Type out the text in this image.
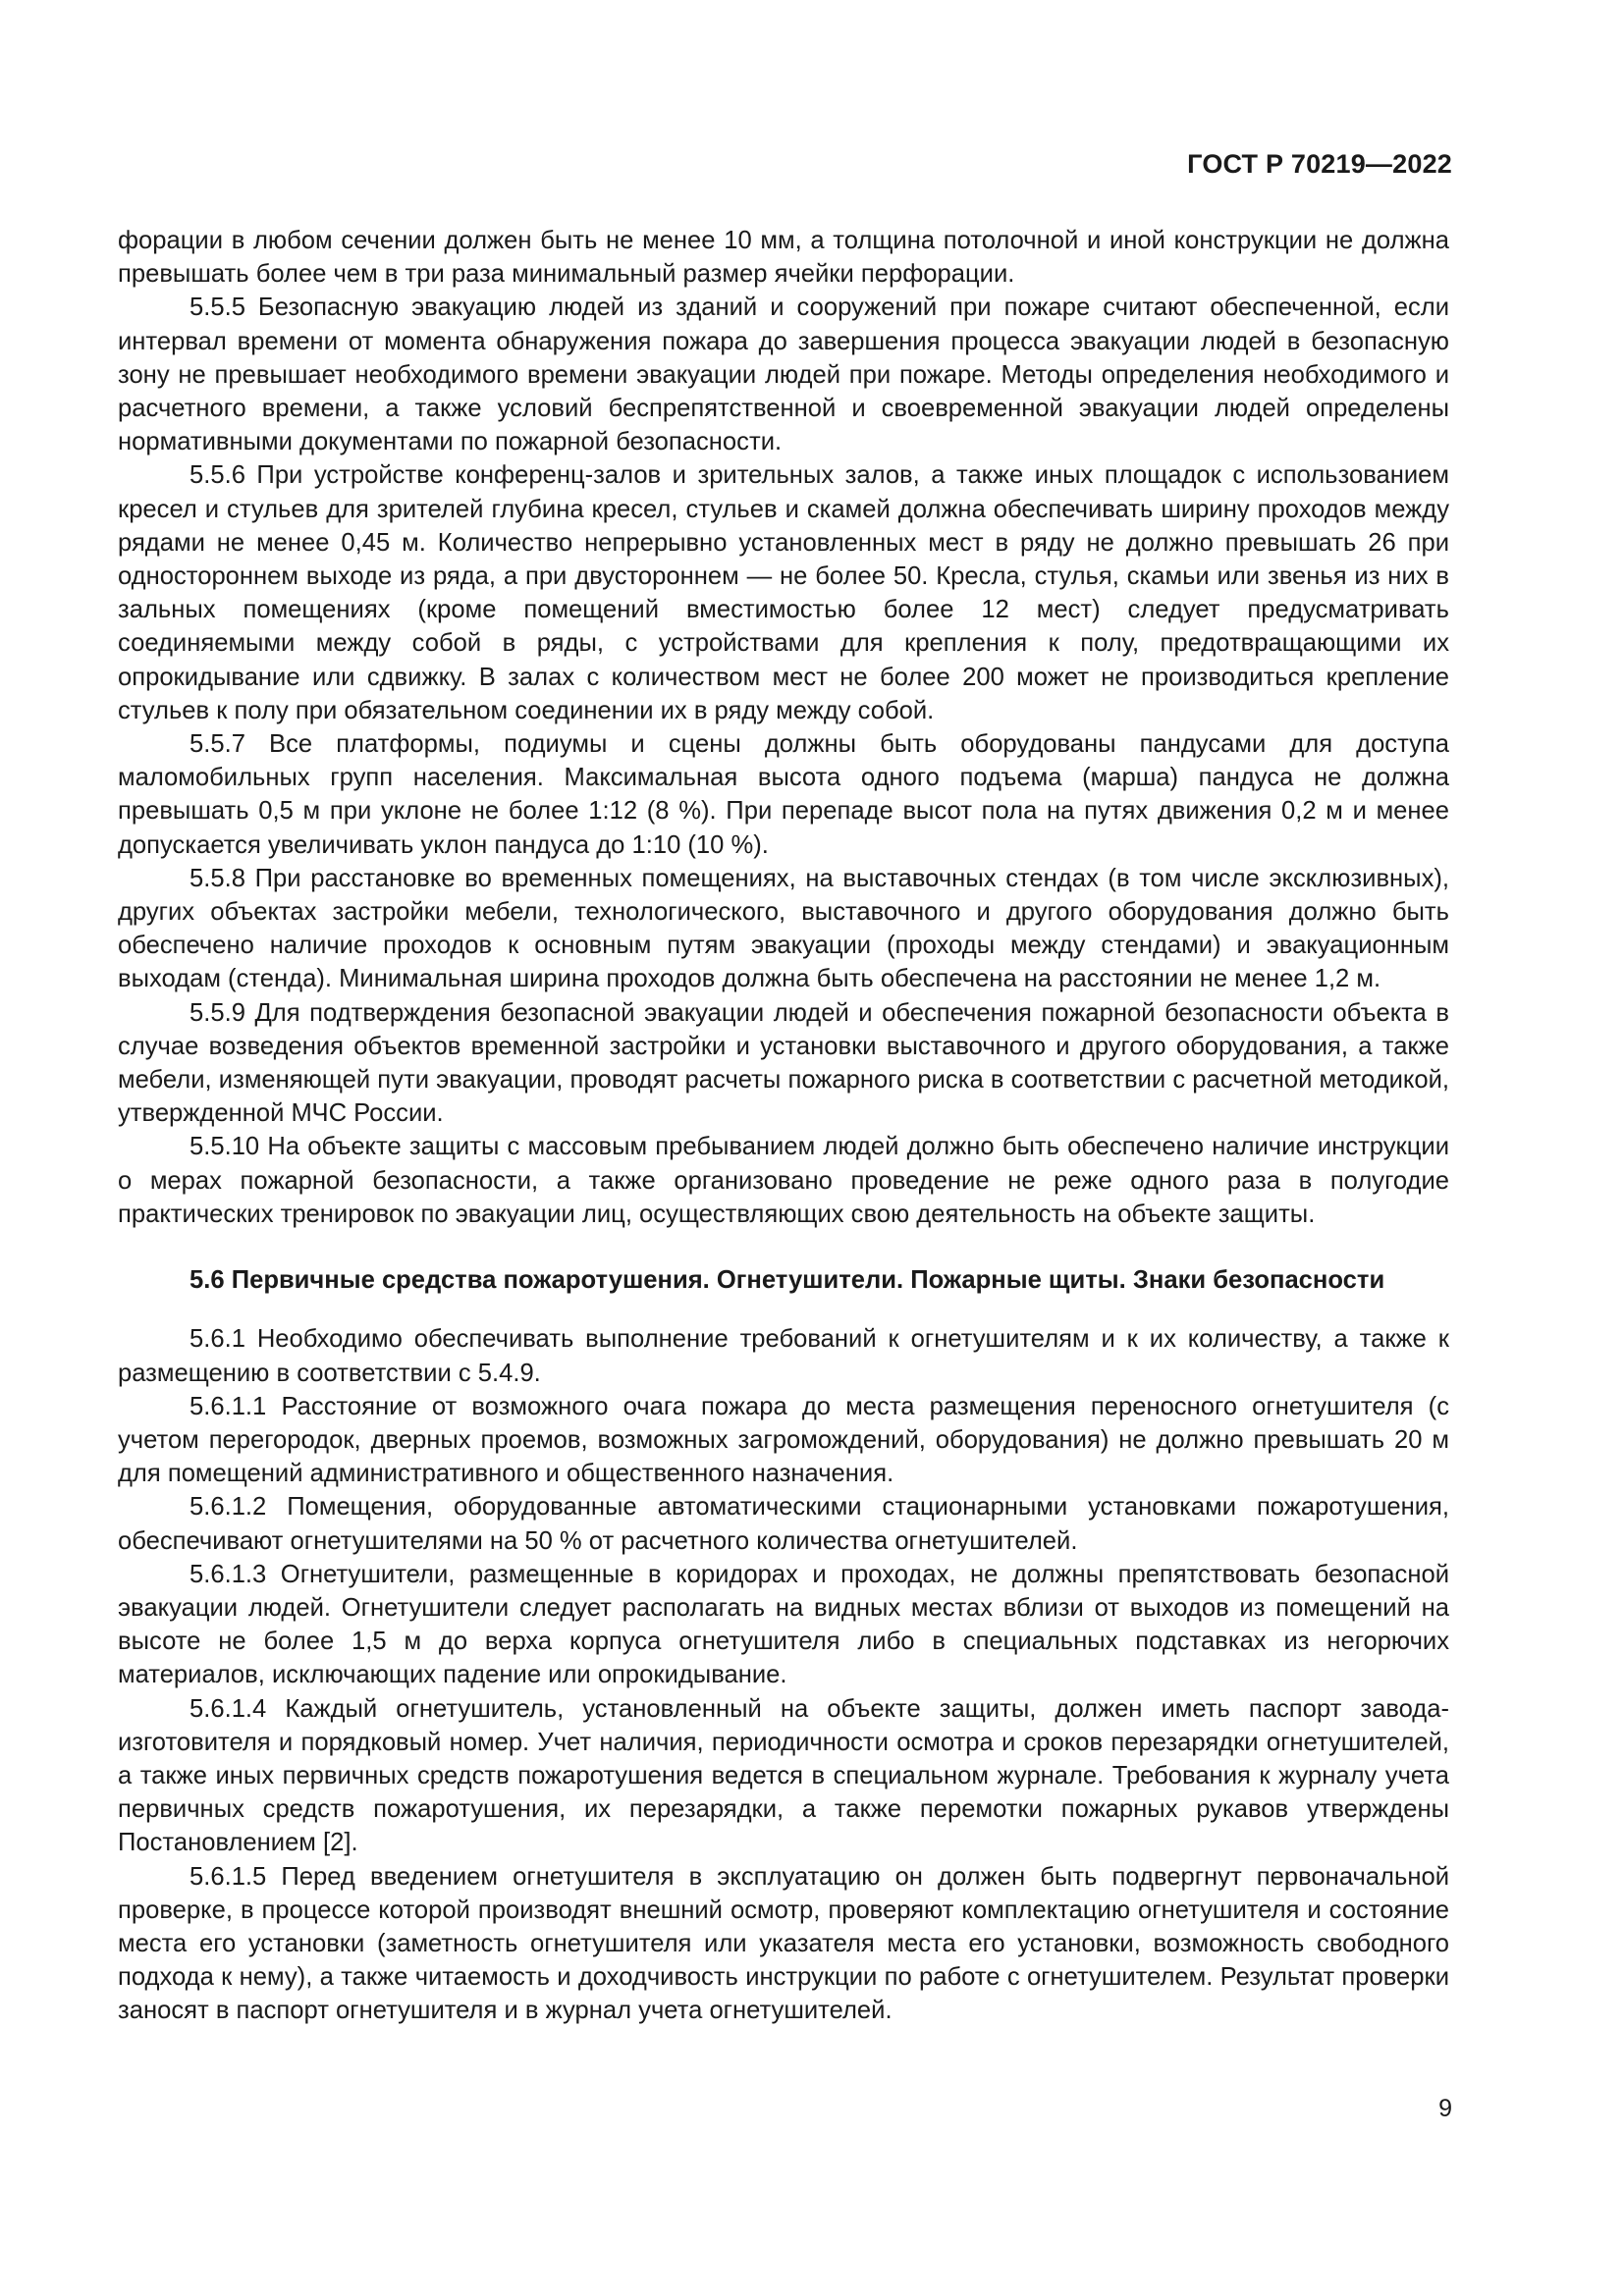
ГОСТ Р 70219—2022

форации в любом сечении должен быть не менее 10 мм, а толщина потолочной и иной конструкции не должна превышать более чем в три раза минимальный размер ячейки перфорации.

5.5.5 Безопасную эвакуацию людей из зданий и сооружений при пожаре считают обеспеченной, если интервал времени от момента обнаружения пожара до завершения процесса эвакуации людей в безопасную зону не превышает необходимого времени эвакуации людей при пожаре. Методы определения необходимого и расчетного времени, а также условий беспрепятственной и своевременной эвакуации людей определены нормативными документами по пожарной безопасности.

5.5.6 При устройстве конференц-залов и зрительных залов, а также иных площадок с использованием кресел и стульев для зрителей глубина кресел, стульев и скамей должна обеспечивать ширину проходов между рядами не менее 0,45 м. Количество непрерывно установленных мест в ряду не должно превышать 26 при одностороннем выходе из ряда, а при двустороннем — не более 50. Кресла, стулья, скамьи или звенья из них в зальных помещениях (кроме помещений вместимостью более 12 мест) следует предусматривать соединяемыми между собой в ряды, с устройствами для крепления к полу, предотвращающими их опрокидывание или сдвижку. В залах с количеством мест не более 200 может не производиться крепление стульев к полу при обязательном соединении их в ряду между собой.

5.5.7 Все платформы, подиумы и сцены должны быть оборудованы пандусами для доступа маломобильных групп населения. Максимальная высота одного подъема (марша) пандуса не должна превышать 0,5 м при уклоне не более 1:12 (8 %). При перепаде высот пола на путях движения 0,2 м и менее допускается увеличивать уклон пандуса до 1:10 (10 %).

5.5.8 При расстановке во временных помещениях, на выставочных стендах (в том числе эксклюзивных), других объектах застройки мебели, технологического, выставочного и другого оборудования должно быть обеспечено наличие проходов к основным путям эвакуации (проходы между стендами) и эвакуационным выходам (стенда). Минимальная ширина проходов должна быть обеспечена на расстоянии не менее 1,2 м.

5.5.9 Для подтверждения безопасной эвакуации людей и обеспечения пожарной безопасности объекта в случае возведения объектов временной застройки и установки выставочного и другого оборудования, а также мебели, изменяющей пути эвакуации, проводят расчеты пожарного риска в соответствии с расчетной методикой, утвержденной МЧС России.

5.5.10 На объекте защиты с массовым пребыванием людей должно быть обеспечено наличие инструкции о мерах пожарной безопасности, а также организовано проведение не реже одного раза в полугодие практических тренировок по эвакуации лиц, осуществляющих свою деятельность на объекте защиты.

5.6 Первичные средства пожаротушения. Огнетушители. Пожарные щиты. Знаки безопасности

5.6.1 Необходимо обеспечивать выполнение требований к огнетушителям и к их количеству, а также к размещению в соответствии с 5.4.9.

5.6.1.1 Расстояние от возможного очага пожара до места размещения переносного огнетушителя (с учетом перегородок, дверных проемов, возможных загромождений, оборудования) не должно превышать 20 м для помещений административного и общественного назначения.

5.6.1.2 Помещения, оборудованные автоматическими стационарными установками пожаротушения, обеспечивают огнетушителями на 50 % от расчетного количества огнетушителей.

5.6.1.3 Огнетушители, размещенные в коридорах и проходах, не должны препятствовать безопасной эвакуации людей. Огнетушители следует располагать на видных местах вблизи от выходов из помещений на высоте не более 1,5 м до верха корпуса огнетушителя либо в специальных подставках из негорючих материалов, исключающих падение или опрокидывание.

5.6.1.4 Каждый огнетушитель, установленный на объекте защиты, должен иметь паспорт завода-изготовителя и порядковый номер. Учет наличия, периодичности осмотра и сроков перезарядки огнетушителей, а также иных первичных средств пожаротушения ведется в специальном журнале. Требования к журналу учета первичных средств пожаротушения, их перезарядки, а также перемотки пожарных рукавов утверждены Постановлением [2].

5.6.1.5 Перед введением огнетушителя в эксплуатацию он должен быть подвергнут первоначальной проверке, в процессе которой производят внешний осмотр, проверяют комплектацию огнетушителя и состояние места его установки (заметность огнетушителя или указателя места его установки, возможность свободного подхода к нему), а также читаемость и доходчивость инструкции по работе с огнетушителем. Результат проверки заносят в паспорт огнетушителя и в журнал учета огнетушителей.

9
